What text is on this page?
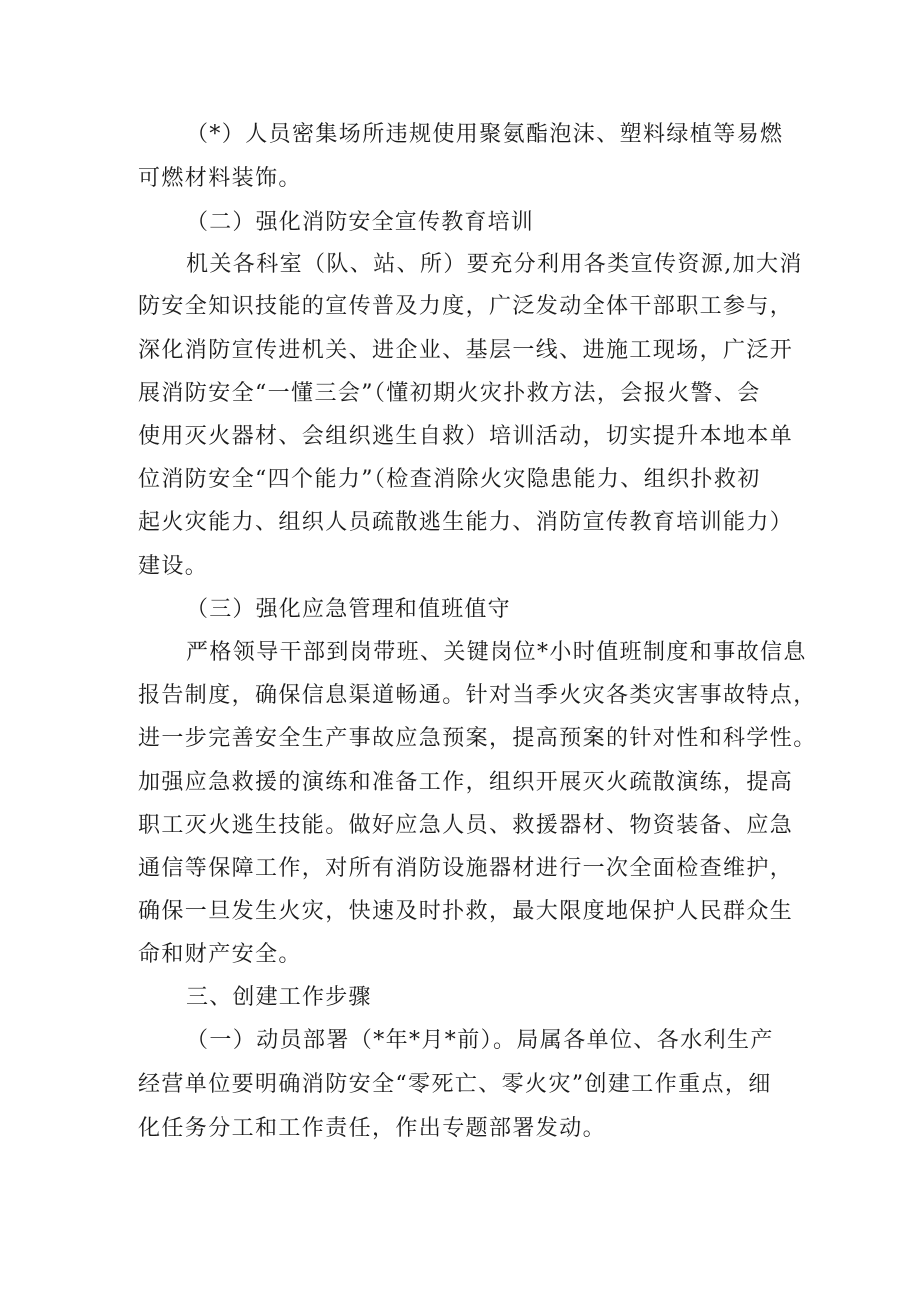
（*）人员密集场所违规使用聚氨酯泡沫、塑料绿植等易燃
可燃材料装饰。
（二）强化消防安全宣传教育培训
机关各科室（队、站、所）要充分利用各类宣传资源,加大消
防安全知识技能的宣传普及力度，广泛发动全体干部职工参与，
深化消防宣传进机关、进企业、基层一线、进施工现场，广泛开
展消防安全“一懂三会”（懂初期火灾扑救方法，会报火警、会
使用灭火器材、会组织逃生自救）培训活动，切实提升本地本单
位消防安全“四个能力”（检查消除火灾隐患能力、组织扑救初
起火灾能力、组织人员疏散逃生能力、消防宣传教育培训能力）
建设。
（三）强化应急管理和值班值守
严格领导干部到岗带班、关键岗位*小时值班制度和事故信息
报告制度，确保信息渠道畅通。针对当季火灾各类灾害事故特点，
进一步完善安全生产事故应急预案，提高预案的针对性和科学性。
加强应急救援的演练和准备工作，组织开展灭火疏散演练，提高
职工灭火逃生技能。做好应急人员、救援器材、物资装备、应急
通信等保障工作，对所有消防设施器材进行一次全面检查维护，
确保一旦发生火灾，快速及时扑救，最大限度地保护人民群众生
命和财产安全。
三、创建工作步骤
（一）动员部署（*年*月*前）。局属各单位、各水利生产
经营单位要明确消防安全“零死亡、零火灾”创建工作重点，细
化任务分工和工作责任，作出专题部署发动。
